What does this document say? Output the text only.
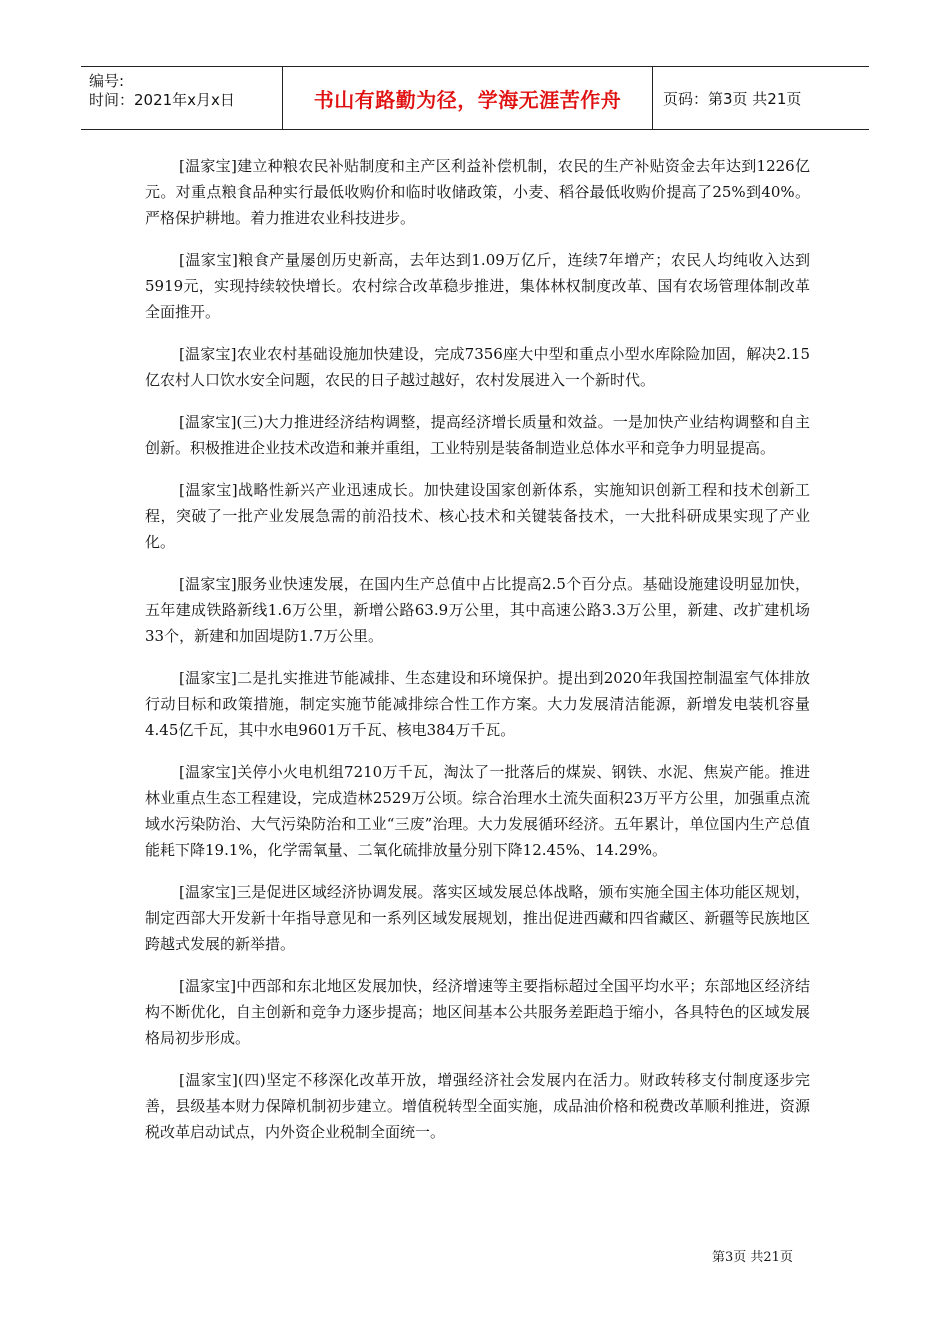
编号:
时间：2021年x月x日	书山有路勤为径，学海无涯苦作舟	页码：第3页 共21页

[温家宝]建立种粮农民补贴制度和主产区利益补偿机制，农民的生产补贴资金去年达到1226亿元。对重点粮食品种实行最低收购价和临时收储政策，小麦、稻谷最低收购价提高了25%到40%。严格保护耕地。着力推进农业科技进步。

[温家宝]粮食产量屡创历史新高，去年达到1.09万亿斤，连续7年增产；农民人均纯收入达到5919元，实现持续较快增长。农村综合改革稳步推进，集体林权制度改革、国有农场管理体制改革全面推开。

[温家宝]农业农村基础设施加快建设，完成7356座大中型和重点小型水库除险加固，解决2.15亿农村人口饮水安全问题，农民的日子越过越好，农村发展进入一个新时代。

[温家宝](三)大力推进经济结构调整，提高经济增长质量和效益。一是加快产业结构调整和自主创新。积极推进企业技术改造和兼并重组，工业特别是装备制造业总体水平和竞争力明显提高。

[温家宝]战略性新兴产业迅速成长。加快建设国家创新体系，实施知识创新工程和技术创新工程，突破了一批产业发展急需的前沿技术、核心技术和关键装备技术，一大批科研成果实现了产业化。

[温家宝]服务业快速发展，在国内生产总值中占比提高2.5个百分点。基础设施建设明显加快，五年建成铁路新线1.6万公里，新增公路63.9万公里，其中高速公路3.3万公里，新建、改扩建机场33个，新建和加固堤防1.7万公里。

[温家宝]二是扎实推进节能减排、生态建设和环境保护。提出到2020年我国控制温室气体排放行动目标和政策措施，制定实施节能减排综合性工作方案。大力发展清洁能源，新增发电装机容量4.45亿千瓦，其中水电9601万千瓦、核电384万千瓦。

[温家宝]关停小火电机组7210万千瓦，淘汰了一批落后的煤炭、钢铁、水泥、焦炭产能。推进林业重点生态工程建设，完成造林2529万公顷。综合治理水土流失面积23万平方公里，加强重点流域水污染防治、大气污染防治和工业“三废”治理。大力发展循环经济。五年累计，单位国内生产总值能耗下降19.1%，化学需氧量、二氧化硫排放量分别下降12.45%、14.29%。

[温家宝]三是促进区域经济协调发展。落实区域发展总体战略，颁布实施全国主体功能区规划，制定西部大开发新十年指导意见和一系列区域发展规划，推出促进西藏和四省藏区、新疆等民族地区跨越式发展的新举措。

[温家宝]中西部和东北地区发展加快，经济增速等主要指标超过全国平均水平；东部地区经济结构不断优化，自主创新和竞争力逐步提高；地区间基本公共服务差距趋于缩小，各具特色的区域发展格局初步形成。

[温家宝](四)坚定不移深化改革开放，增强经济社会发展内在活力。财政转移支付制度逐步完善，县级基本财力保障机制初步建立。增值税转型全面实施，成品油价格和税费改革顺利推进，资源税改革启动试点，内外资企业税制全面统一。

第3页 共21页
